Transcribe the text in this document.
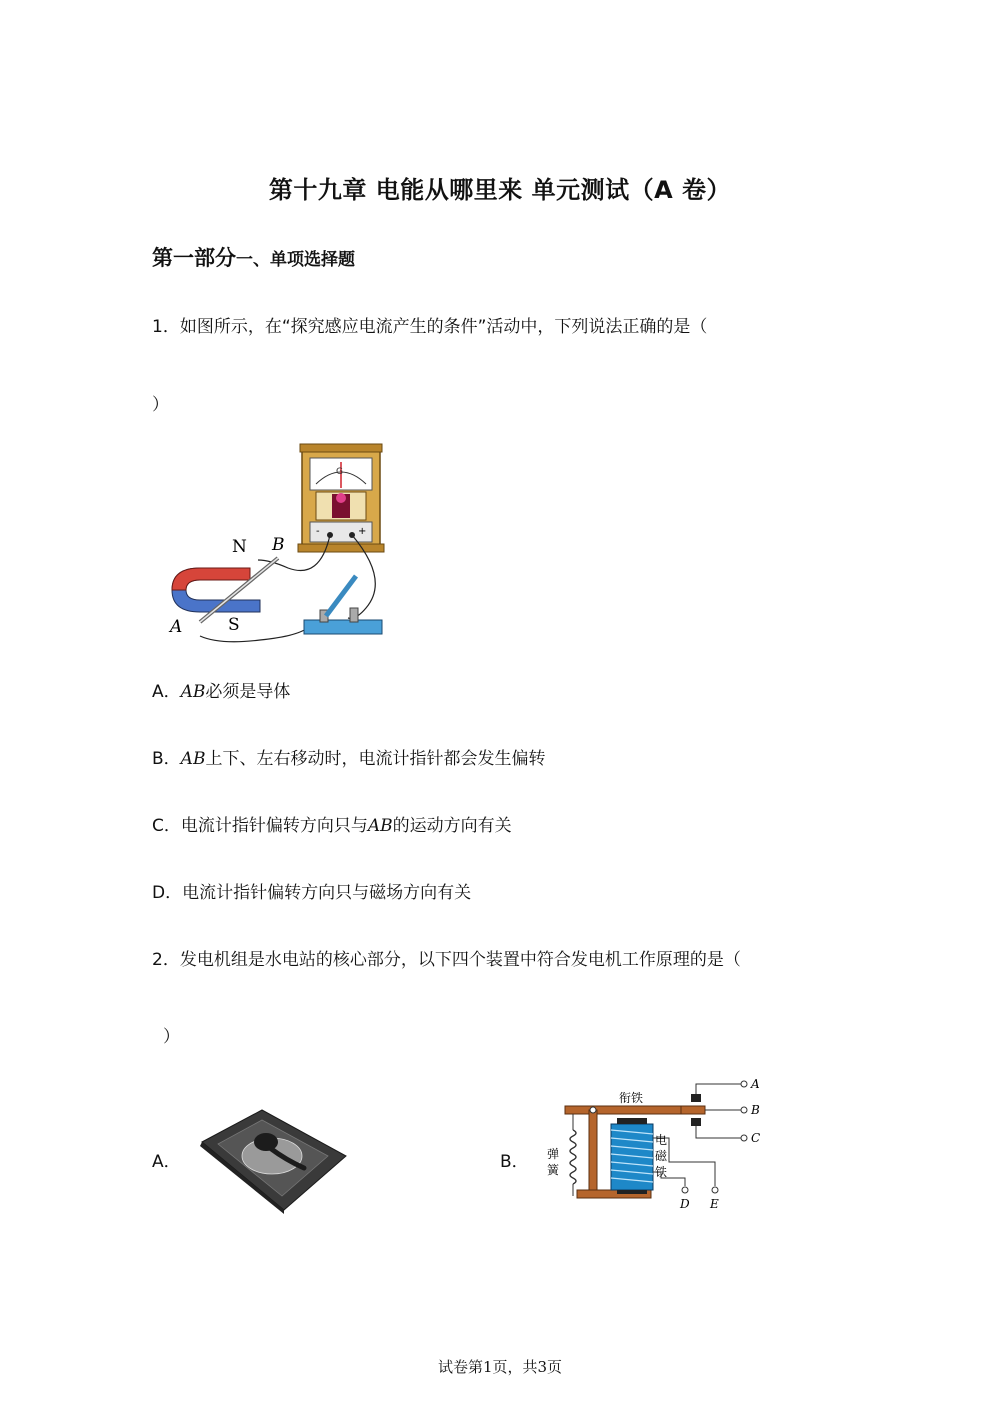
第十九章 电能从哪里来 单元测试（A 卷）
第一部分一、单项选择题
1．如图所示，在“探究感应电流产生的条件”活动中，下列说法正确的是（
）
G
-	+
N B
A	S
A．AB必须是导体
B．AB上下、左右移动时，电流计指针都会发生偏转
C．电流计指针偏转方向只与AB的运动方向有关
D．电流计指针偏转方向只与磁场方向有关
2．发电机组是水电站的核心部分，以下四个装置中符合发电机工作原理的是（
）
A．	B．
衔铁
弹
簧
电
磁
铁
A
B
C
D E
试卷第1页，共3页
